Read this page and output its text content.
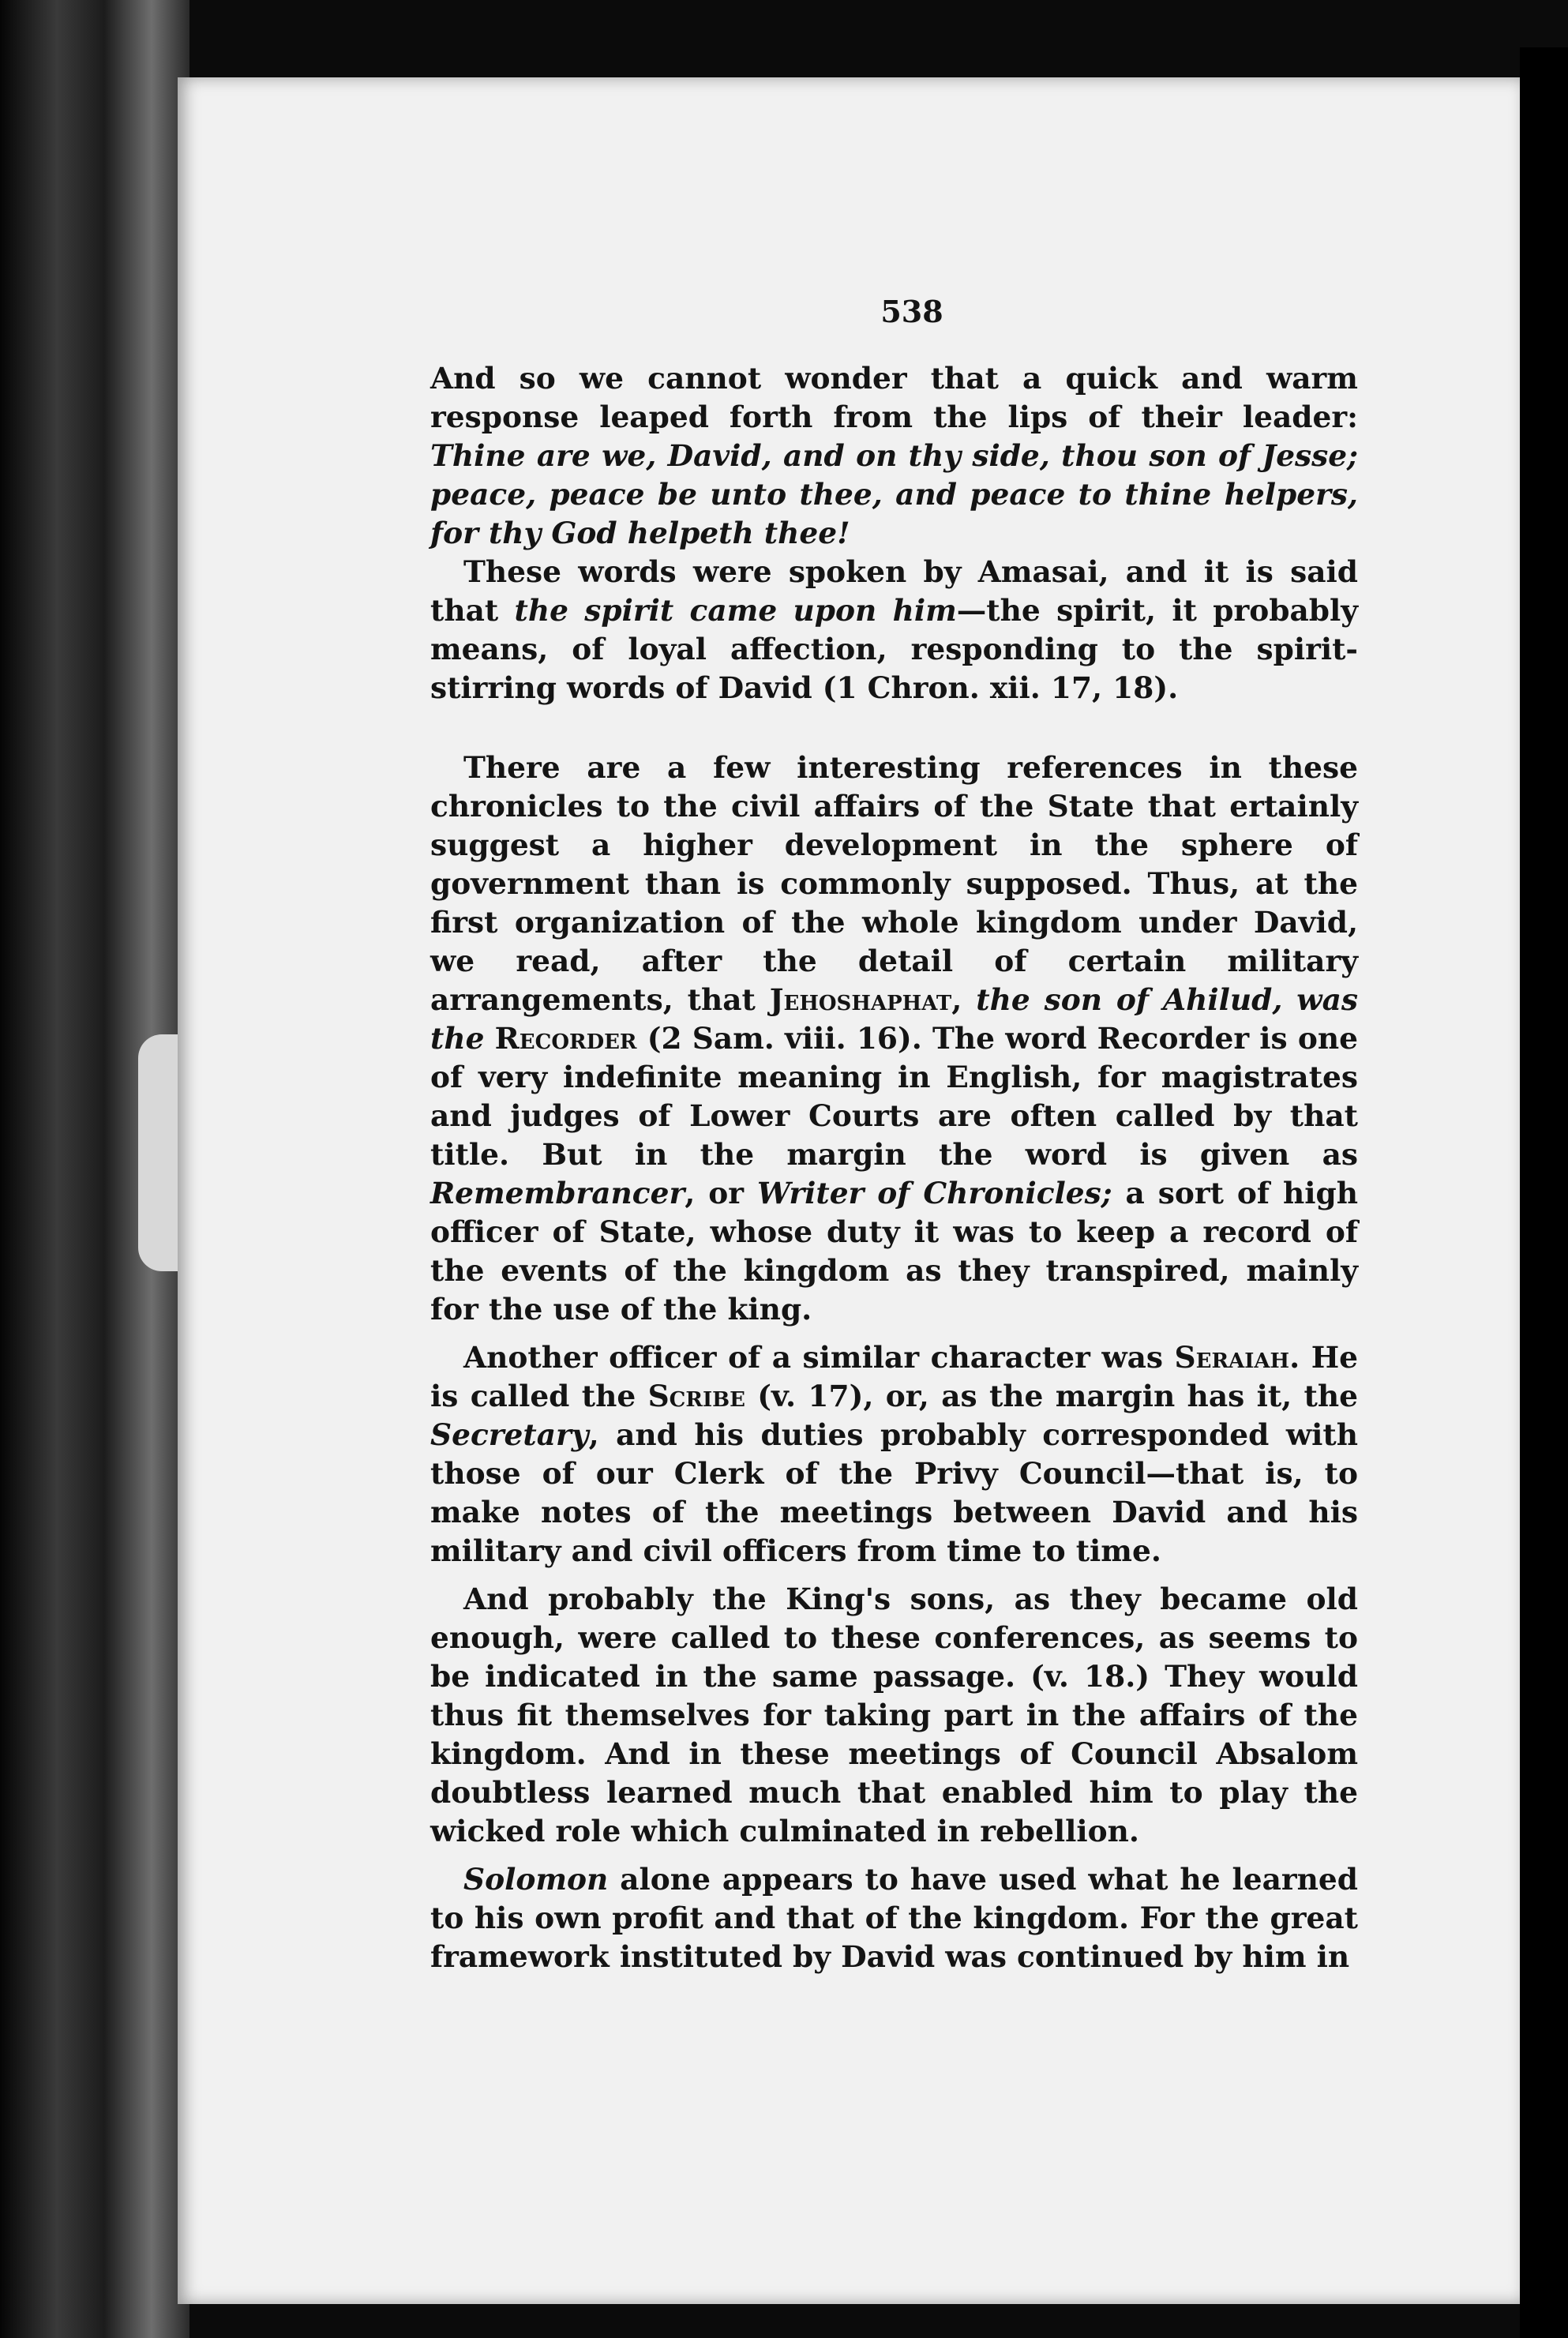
538

And so we cannot wonder that a quick and warm response leaped forth from the lips of their leader: Thine are we, David, and on thy side, thou son of Jesse; peace, peace be unto thee, and peace to thine helpers, for thy God helpeth thee!

These words were spoken by Amasai, and it is said that the spirit came upon him—the spirit, it probably means, of loyal affection, responding to the spirit-stirring words of David (1 Chron. xii. 17, 18).

There are a few interesting references in these chronicles to the civil affairs of the State that ertainly suggest a higher development in the sphere of government than is commonly supposed. Thus, at the first organization of the whole kingdom under David, we read, after the detail of certain military arrangements, that Jehoshaphat, the son of Ahilud, was the Recorder (2 Sam. viii. 16). The word Recorder is one of very indefinite meaning in English, for magistrates and judges of Lower Courts are often called by that title. But in the margin the word is given as Remembrancer, or Writer of Chronicles; a sort of high officer of State, whose duty it was to keep a record of the events of the kingdom as they transpired, mainly for the use of the king.

Another officer of a similar character was Seraiah. He is called the Scribe (v. 17), or, as the margin has it, the Secretary, and his duties probably corresponded with those of our Clerk of the Privy Council—that is, to make notes of the meetings between David and his military and civil officers from time to time.

And probably the King's sons, as they became old enough, were called to these conferences, as seems to be indicated in the same passage. (v. 18.) They would thus fit themselves for taking part in the affairs of the kingdom. And in these meetings of Council Absalom doubtless learned much that enabled him to play the wicked role which culminated in rebellion.

Solomon alone appears to have used what he learned to his own profit and that of the kingdom. For the great framework instituted by David was continued by him in
